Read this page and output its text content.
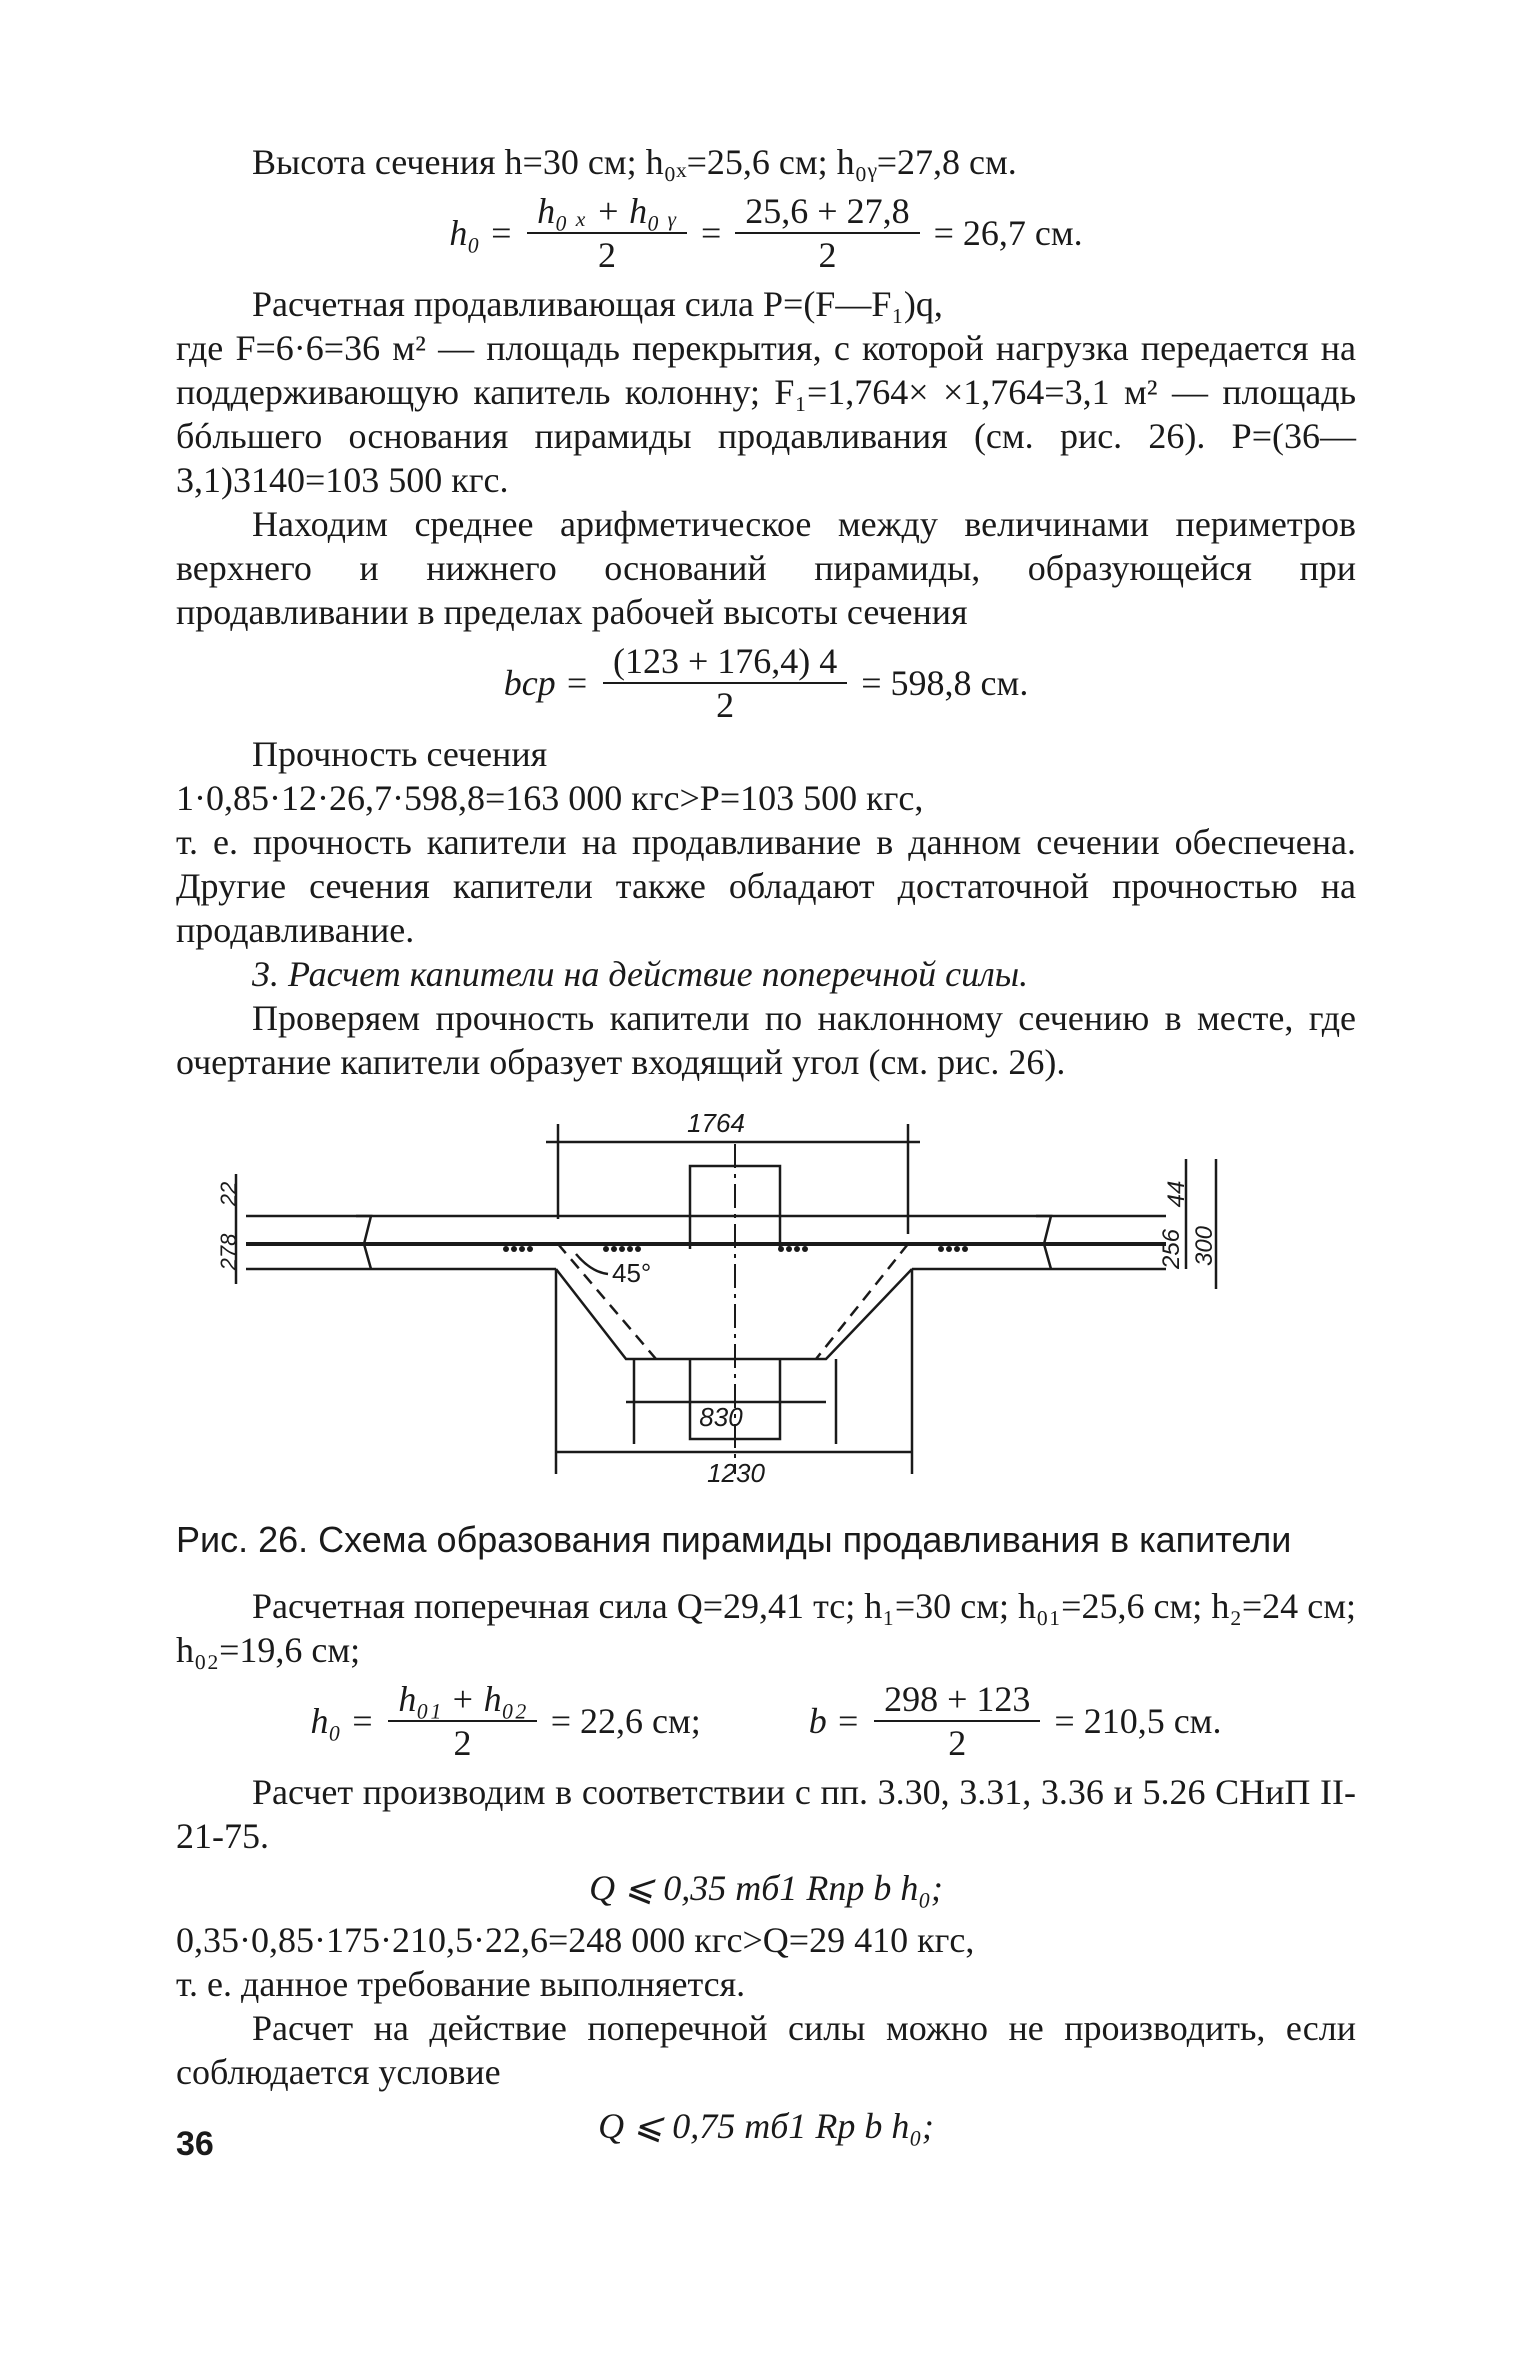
Высота сечения h=30 см; h₀ₓ=25,6 см; h₀ᵧ=27,8 см.

$h_0 = \frac{\text{h₀ ₓ + h₀ ᵧ}}{2} = \frac{25,6 + 27,8}{2} = 26,7$ см.

Расчетная продавливающая сила P=(F—F₁)q,

где F=6·6=36 м² — площадь перекрытия, с которой нагрузка передается на поддерживающую капитель колонну; F₁=1,764× ×1,764=3,1 м² — площадь бóльшего основания пирамиды продавливания (см. рис. 26). P=(36—3,1)3140=103 500 кгс.

Находим среднее арифметическое между величинами периметров верхнего и нижнего оснований пирамиды, образующейся при продавливании в пределах рабочей высоты сечения

bср = $\frac{(123 + 176,4) 4}{2} = 598,8$ см.

Прочность сечения

1·0,85·12·26,7·598,8=163 000 кгс>P=103 500 кгс,

т. е. прочность капители на продавливание в данном сечении обеспечена. Другие сечения капители также обладают достаточной прочностью на продавливание.

3. Расчет капители на действие поперечной силы.

Проверяем прочность капители по наклонному сечению в месте, где очертание капители образует входящий угол (см. рис. 26).

1764
45°
830
1230
44
256 300
22
278

Рис. 26. Схема образования пирамиды продавливания в капители

Расчетная поперечная сила Q=29,41 тс; h₁=30 см; h₀₁=25,6 см; h₂=24 см; h₀₂=19,6 см;

$h_0 = \frac{\text{h₀₁ + h₀₂}}{2} = 22,6$ см;	$b = \frac{298 + 123}{2} = 210,5$ см.

Расчет производим в соответствии с пп. 3.30, 3.31, 3.36 и 5.26 СНиП II-21-75.

Q ⩽ 0,35 mб1 Rпр b h₀;

0,35·0,85·175·210,5·22,6=248 000 кгс>Q=29 410 кгс,

т. е. данное требование выполняется.

Расчет на действие поперечной силы можно не производить, если соблюдается условие

Q ⩽ 0,75 mб1 Rр b h₀;

36
